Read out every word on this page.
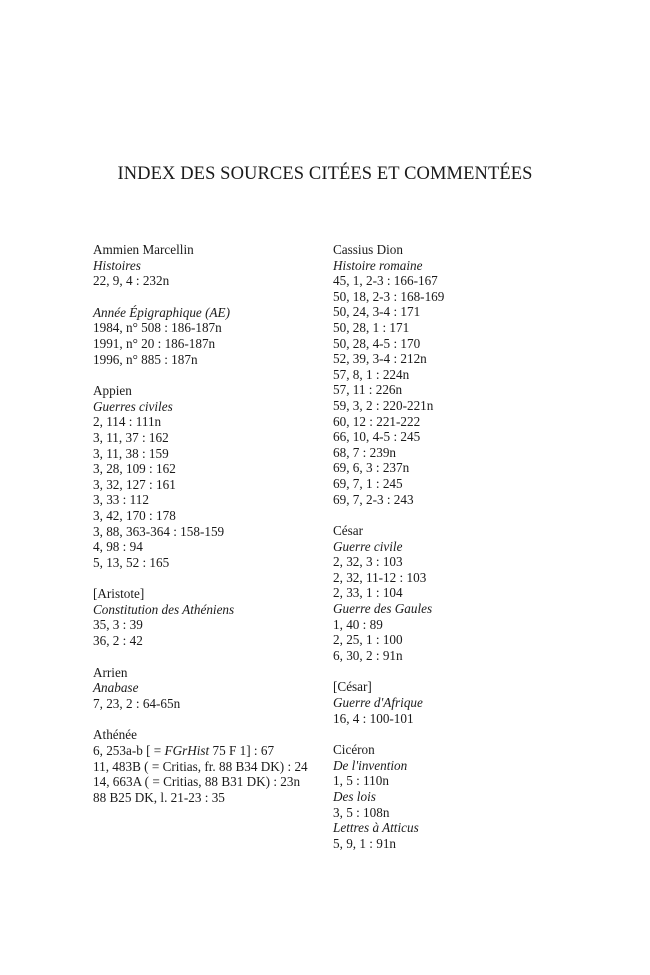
INDEX DES SOURCES CITÉES ET COMMENTÉES
Ammien Marcellin
Histoires
22, 9, 4 : 232n
Année Épigraphique (AE)
1984, n° 508 : 186-187n
1991, n° 20 : 186-187n
1996, n° 885 : 187n
Appien
Guerres civiles
2, 114 : 111n
3, 11, 37 : 162
3, 11, 38 : 159
3, 28, 109 : 162
3, 32, 127 : 161
3, 33 : 112
3, 42, 170 : 178
3, 88, 363-364 : 158-159
4, 98 : 94
5, 13, 52 : 165
[Aristote]
Constitution des Athéniens
35, 3 : 39
36, 2 : 42
Arrien
Anabase
7, 23, 2 : 64-65n
Athénée
6, 253a-b [ = FGrHist 75 F 1] : 67
11, 483B ( = Critias, fr. 88 B34 DK) : 24
14, 663A ( = Critias, 88 B31 DK) : 23n
88 B25 DK, l. 21-23 : 35
Cassius Dion
Histoire romaine
45, 1, 2-3 : 166-167
50, 18, 2-3 : 168-169
50, 24, 3-4 : 171
50, 28, 1 : 171
50, 28, 4-5 : 170
52, 39, 3-4 : 212n
57, 8, 1 : 224n
57, 11 : 226n
59, 3, 2 : 220-221n
60, 12 : 221-222
66, 10, 4-5 : 245
68, 7 : 239n
69, 6, 3 : 237n
69, 7, 1 : 245
69, 7, 2-3 : 243
César
Guerre civile
2, 32, 3 : 103
2, 32, 11-12 : 103
2, 33, 1 : 104
Guerre des Gaules
1, 40 : 89
2, 25, 1 : 100
6, 30, 2 : 91n
[César]
Guerre d'Afrique
16, 4 : 100-101
Cicéron
De l'invention
1, 5 : 110n
Des lois
3, 5 : 108n
Lettres à Atticus
5, 9, 1 : 91n
